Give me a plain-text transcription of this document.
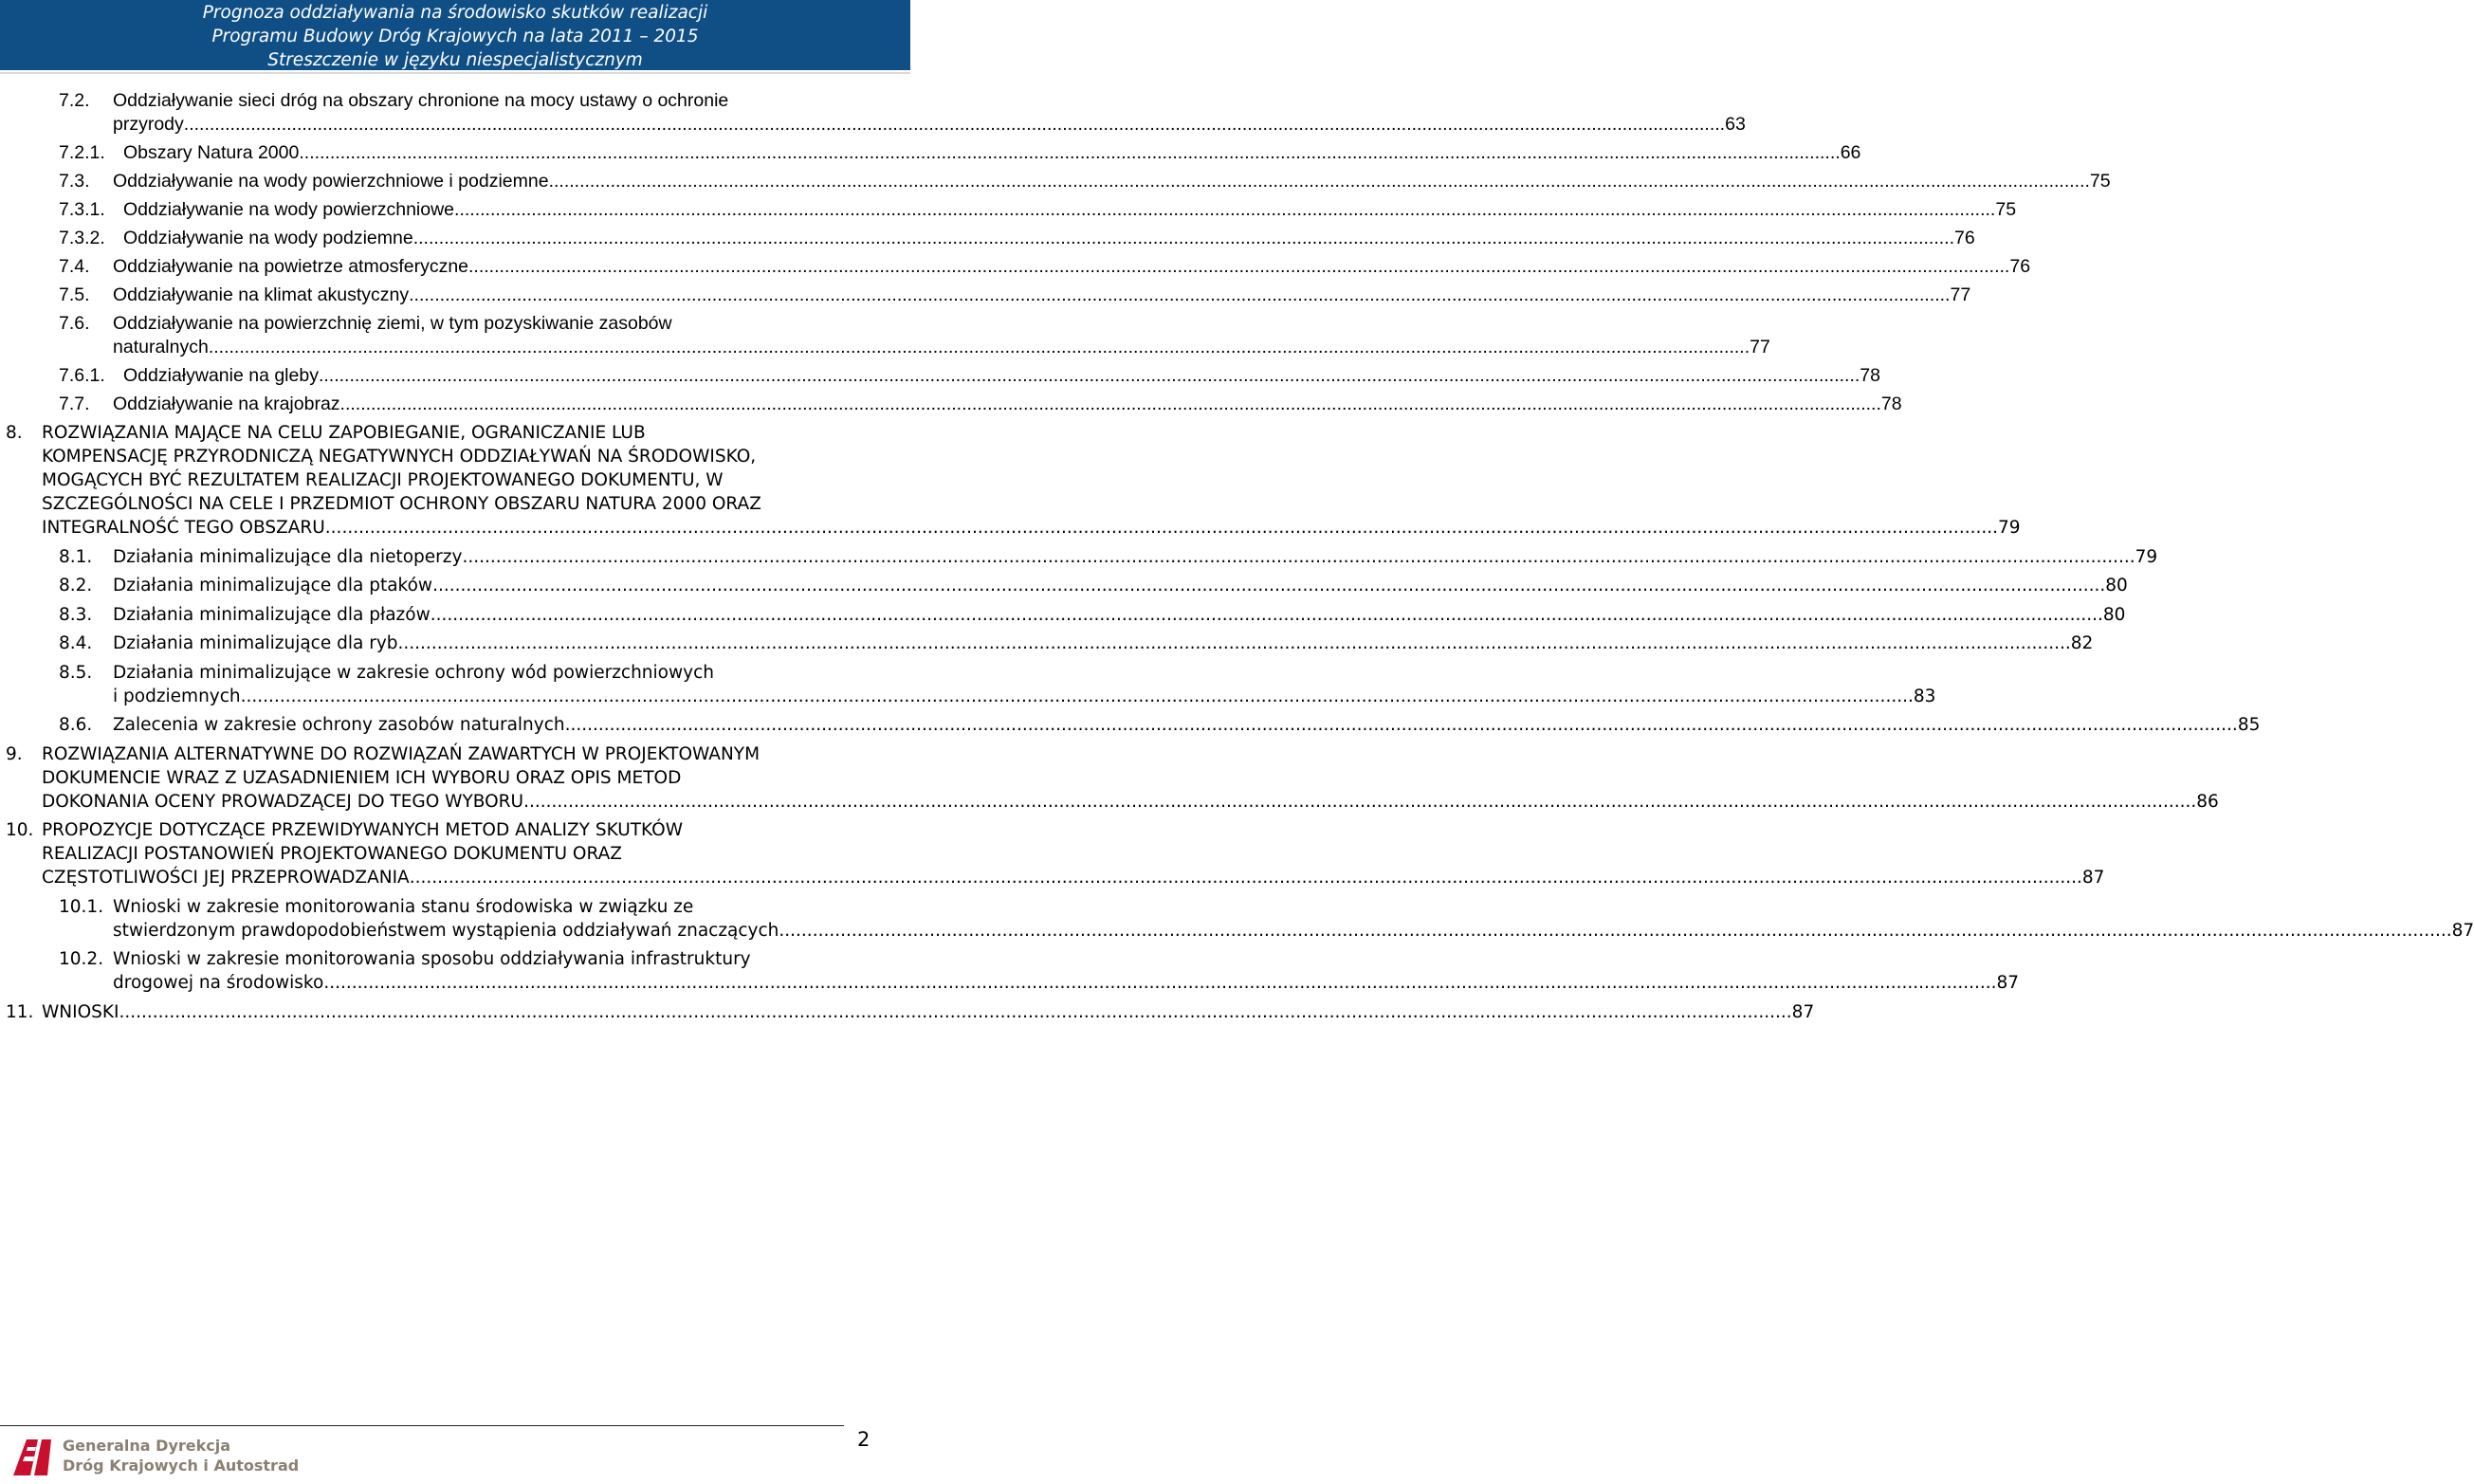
Prognoza oddziaływania na środowisko skutków realizacji
Programu Budowy Dróg Krajowych na lata 2011 – 2015
Streszczenie w języku niespecjalistycznym
7.2. Oddziaływanie sieci dróg na obszary chronione na mocy ustawy o ochronie
przyrody ............................................................................................................................................................................................................................................................................................................ 63
7.2.1. Obszary Natura 2000 ............................................................................................................................................................................................................................................................................................................ 66
7.3. Oddziaływanie na wody powierzchniowe i podziemne ............................................................................................................................................................................................................................................................................................................ 75
7.3.1. Oddziaływanie na wody powierzchniowe ............................................................................................................................................................................................................................................................................................................ 75
7.3.2. Oddziaływanie na wody podziemne ............................................................................................................................................................................................................................................................................................................ 76
7.4. Oddziaływanie na powietrze atmosferyczne ............................................................................................................................................................................................................................................................................................................ 76
7.5. Oddziaływanie na klimat akustyczny ............................................................................................................................................................................................................................................................................................................ 77
7.6. Oddziaływanie na powierzchnię ziemi, w tym pozyskiwanie zasobów
naturalnych ............................................................................................................................................................................................................................................................................................................ 77
7.6.1. Oddziaływanie na gleby ............................................................................................................................................................................................................................................................................................................ 78
7.7. Oddziaływanie na krajobraz ............................................................................................................................................................................................................................................................................................................ 78
8. ROZWIĄZANIA MAJĄCE NA CELU ZAPOBIEGANIE, OGRANICZANIE LUB
KOMPENSACJĘ PRZYRODNICZĄ NEGATYWNYCH ODDZIAŁYWAŃ NA ŚRODOWISKO,
MOGĄCYCH BYĆ REZULTATEM REALIZACJI PROJEKTOWANEGO DOKUMENTU, W
SZCZEGÓLNOŚCI NA CELE I PRZEDMIOT OCHRONY OBSZARU NATURA 2000 ORAZ
INTEGRALNOŚĆ TEGO OBSZARU ............................................................................................................................................................................................................................................................................................................ 79
8.1. Działania minimalizujące dla nietoperzy ............................................................................................................................................................................................................................................................................................................ 79
8.2. Działania minimalizujące dla ptaków ............................................................................................................................................................................................................................................................................................................ 80
8.3. Działania minimalizujące dla płazów ............................................................................................................................................................................................................................................................................................................ 80
8.4. Działania minimalizujące dla ryb ............................................................................................................................................................................................................................................................................................................ 82
8.5. Działania minimalizujące w zakresie ochrony wód powierzchniowych
i podziemnych ............................................................................................................................................................................................................................................................................................................ 83
8.6. Zalecenia w zakresie ochrony zasobów naturalnych ............................................................................................................................................................................................................................................................................................................ 85
9. ROZWIĄZANIA ALTERNATYWNE DO ROZWIĄZAŃ ZAWARTYCH W PROJEKTOWANYM
DOKUMENCIE WRAZ Z UZASADNIENIEM ICH WYBORU ORAZ OPIS METOD
DOKONANIA OCENY PROWADZĄCEJ DO TEGO WYBORU ............................................................................................................................................................................................................................................................................................................ 86
10. PROPOZYCJE DOTYCZĄCE PRZEWIDYWANYCH METOD ANALIZY SKUTKÓW
REALIZACJI POSTANOWIEŃ PROJEKTOWANEGO DOKUMENTU ORAZ
CZĘSTOTLIWOŚCI JEJ PRZEPROWADZANIA ............................................................................................................................................................................................................................................................................................................ 87
10.1. Wnioski w zakresie monitorowania stanu środowiska w związku ze
stwierdzonym prawdopodobieństwem wystąpienia oddziaływań znaczących ............................................................................................................................................................................................................................................................................................................ 87
10.2. Wnioski w zakresie monitorowania sposobu oddziaływania infrastruktury
drogowej na środowisko ............................................................................................................................................................................................................................................................................................................ 87
11. WNIOSKI ............................................................................................................................................................................................................................................................................................................ 87
2
Generalna Dyrekcja
Dróg Krajowych i Autostrad
